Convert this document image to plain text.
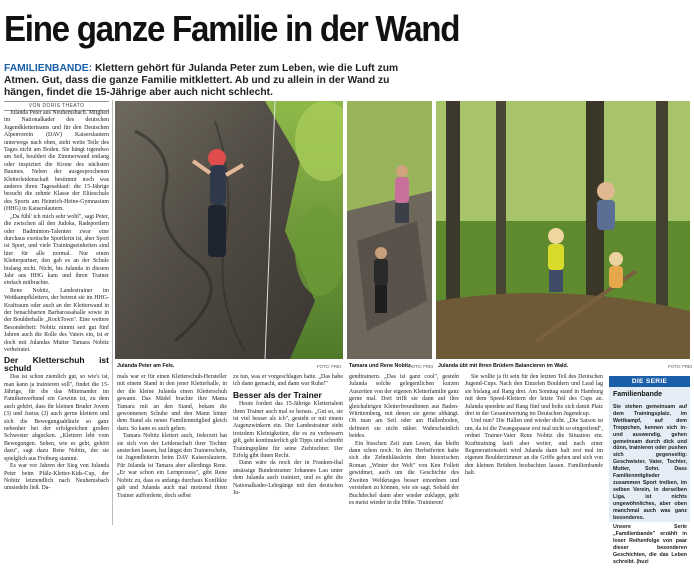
Eine ganze Familie in der Wand
FAMILIENBANDE: Klettern gehört für Julanda Peter zum Leben, wie die Luft zum Atmen. Gut, dass die ganze Familie mitklettert. Ab und zu allein in der Wand zu hängen, findet die 15-Jährige aber auch nicht schlecht.
VON DORIS THEATO

Julanda Peter aus Neuhemsbach. Mitglied im Nationalkader des deutschen Jugendkletterteams und für den Deutschen Alpenverein (DAV) Kaiserslautern unterwegs nach oben, steht weite Teile des Tages nicht am Boden. Sie hängt irgendwo am Seil, bouldert die Zimmerwand entlang oder inspiziert die Krone des nächsten Baumes. Neben der ausgesprochenen Kletterleidenschaft bestimmt noch was anderes ihren Tagesablauf: die 15-Jährige besucht die zehnte Klasse der Eliteschule des Sports am Heinrich-Heine-Gymnasium (HHG) in Kaiserslautern.

„Da fühl' ich mich sehr wohl", sagt Peter, die zwischen all den Judoka, Radsportlern oder Badminton-Talenten zwar eine durchaus exotische Sportlerin ist, aber Sport ist Sport, und viele Trainingseinheiten sind hier für alle normal. Nur einen Kletterpartner, den gab es an der Schule bislang nicht. Nicht, bis Julanda in diesem Jahr ans HHG kam und ihren Trainer einfach mitbrachte.

Rene Nobitz, Landestrainer im Wettkampfklettern, der betreut sie im HHG-Kraftraum oder auch an der Kletterwand in der benachbarten Barbarossahalle sowie in der Boulderhalle „RockTown". Eine weitere Besonderheit: Nobitz nimmt seit gut fünf Jahren auch die Rolle des Vaters ein, ist er doch mit Julandas Mutter Tamara Nobitz verheiratet.

Der Kletterschuh ist schuld

Das ist schon ziemlich gut, so wie's ist, man kann ja trainieren soll", findet die 15-Jährige, für die das Miteinander im Familienverbund ein Gewinn ist, zu dem auch gehört, dass ihr kleinen Bruder Jovem (3) und Justus (2) auch gerne klettern und sich die Bewegungsabläufe so ganz nebenher bei der erfolgreichen großen Schwester abgucken. „Klettern lebt vom Bewegungen. Sehen, wie es geht, gehört dazu", sagt dazu Rene Nobitz, der sie spielglich aus Freiburg stammt.

Es war vor Jahren der Sieg von Julanda Peter beim Pfälz-Kletter-Kids-Cup, der Nobitz letztendlich nach Neuhemsbach umsiedeln ließ. Da-

Julanda Peter am Fels.	FOTO: FREI Tamara und Rene Nobitz.
FOTO: FREI Julanda übt mit ihren Brüdern Balancieren im Wald.	FOTO: FREI

mals war er für einen Kletterschuh-Hersteller mit einem Stand in den jener Kletterhalle, in der die kleine Julanda einen Kletterschuh gewann. Das Mädel brachte ihre Mama Tamara mit an den Stand, bekam die gewonnenen Schuhe und den Mann hinter dem Stand als neues Familienmitglied gleich dazu. So kann es auch gehen.

Tamara Nobitz klettert auch, Jederzeit hat sie sich von der Leidenschaft ihrer Tochter anstecken lassen, hat längst den Trainerschein, ist Jugendleiterin beim DAV Kaiserslautern. Für Julanda ist Tamara aber allerdings Rene. „Er war schon ein Lernprozess", gibt Rene Nobitz zu, dass es anfangs durchaus Konflikte gab und Julanda auch mal motzend ihren Trainer aufforderte, doch selbst

zu tun, was er vorgeschlagen hatte. „Das habe ich dann gemacht, und dann war Ruhe!"

Besser als der Trainer

Heute fordert das 15-Jährige Klettertalent ihren Trainer auch mal so heraus. „Gut so, sie ist viel besser als ich", gesteht er mit einem Augenzwinkern ein. Der Landestrainer sieht trotzdem Kleinigkeiten, die es zu verbessern gilt, geht kontinuierlich gilt Tipps und schreibt Trainingspläne für seine Ziehtochter. Der Erfolg gibt ihnen Recht.

Dann wäre da noch der in Franken-thal ansässige Bundestrainer Johannes Lau unter dem Julanda auch trainiert, und es gibt die Nationalkader-Lehrgänge mit den deutschen Ju-

gendtrainern. „Das ist ganz cool", gesteht Julanda solche gelegentlichen kurzen Auszeiten von der eigenen Kletterfamilie ganz gerne mal. Dort trifft sie dann auf ihre gleichaltrigen Kletterfreundinnen aus Baden-Württemberg, mit denen sie gerne abhängt. Oh man am Seil oder am Hallenboden, definiert sie nicht näher. Wahrscheinlich beides.

Ein bisschen Zeit zum Lesen, das bleibt dann schon noch. In den Herbstferien hatte sich die Zehntklässlerin dem historischen Roman „Winter der Welt" von Ken Follett gewidmet, auch um die Geschichte des Zweiten Weltkrieges besser einordnen und verstehen zu können, wie sie sagt. Sobald der Buchdeckel dann aber wieder zuklappt, geht es meist wieder in die Höhe. Trainieren!

Sie wollte ja fit sein für den letzten Teil des Deutschen Jugend-Cups. Nach den Einzelen Bouldern und Lead lag sie bislang auf Rang drei. Am Sonntag stand in Hamburg mit dem Speed-Klettern der letzte Teil des Cups an. Julanda speedete auf Rang fünf und holte sich damit Platz drei in der Gesamtwertung im Deutschen Jugendcup.

Und nun? Die Hallen und wieder dicht. „Die Saison ist um, da ist die Zwangspause erst mal nicht so eingreifend", ordnet Trainer-Vater Rene Nobitz die Situation ein. Krafttraining lauft aber weiter, und nach einer Regenerationszeit wird Julanda dann halt erst mal im eigenen Boulderzimmer an die Griffe gehen und sich von den kleinen Brüdern beobachten lassen. Familienbande halt.

DIE SERIE
Familienbande

Sie stehen gemeinsam auf dem Trainingsplatz, im Wettkampf, auf dem Treppchen, kennen sich in- und auswendig, gehen gemeinsam durch dick und dünn, trainieren oder pushen sich gegenseitig: Geschwister, Vater, Tochter, Mutter, Sohn. Dass Familienmitglieder zusammen Sport treiben, im selben Verein, in derselben Liga, ist nichts ungewöhnliches, aber oben manchmal auch was ganz besonderes.

Unsere Serie „Familienbande" erzählt in loser Reihenfolge von paar dieser besonderen Geschichten, die das Leben schreibt. |huzi
